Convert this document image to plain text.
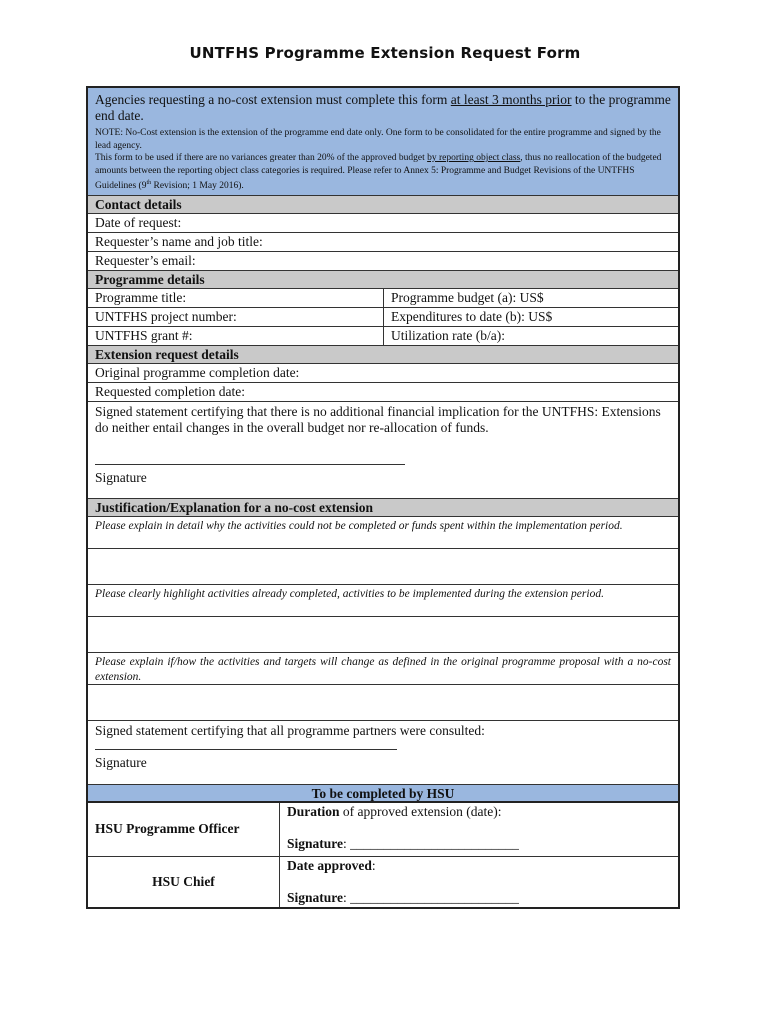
UNTFHS Programme Extension Request Form
Agencies requesting a no-cost extension must complete this form at least 3 months prior to the programme end date.
NOTE: No-Cost extension is the extension of the programme end date only. One form to be consolidated for the entire programme and signed by the lead agency.
This form to be used if there are no variances greater than 20% of the approved budget by reporting object class, thus no reallocation of the budgeted amounts between the reporting object class categories is required. Please refer to Annex 5: Programme and Budget Revisions of the UNTFHS Guidelines (9th Revision; 1 May 2016).
Contact details
Date of request:
Requester’s name and job title:
Requester’s email:
Programme details
Programme title:	Programme budget (a): US$
UNTFHS project number:	Expenditures to date (b): US$
UNTFHS grant #:	Utilization rate (b/a):
Extension request details
Original programme completion date:
Requested completion date:
Signed statement certifying that there is no additional financial implication for the UNTFHS: Extensions do neither entail changes in the overall budget nor re-allocation of funds.
Signature
Justification/Explanation for a no-cost extension
Please explain in detail why the activities could not be completed or funds spent within the implementation period.
Please clearly highlight activities already completed, activities to be implemented during the extension period.
Please explain if/how the activities and targets will change as defined in the original programme proposal with a no-cost extension.
Signed statement certifying that all programme partners were consulted:
Signature
To be completed by HSU
HSU Programme Officer
Duration of approved extension (date):
Signature: _________________________
HSU Chief
Date approved:
Signature: _________________________
